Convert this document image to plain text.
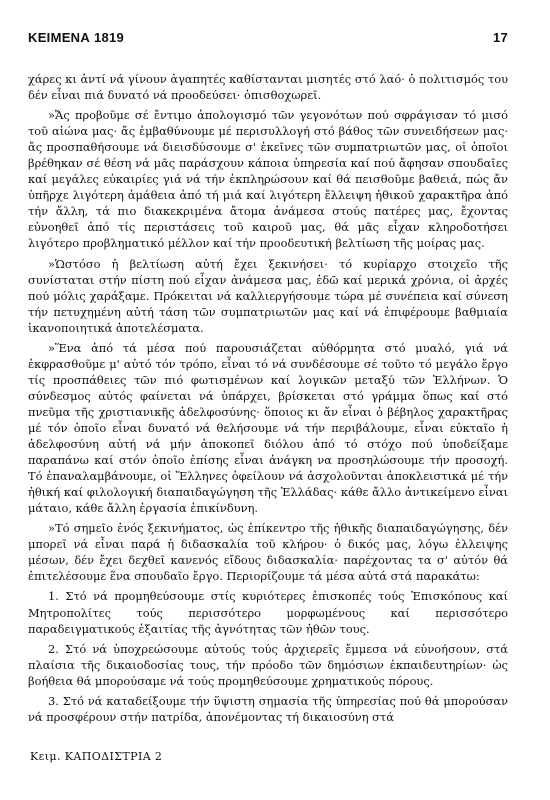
ΚΕΙΜΕΝΑ 1819	17

χάρες κι ἀντί νά γίνουν ἀγαπητές καθίστανται μισητές στό λαό· ὁ πολιτισμός του δέν εἶναι πιά δυνατό νά προοδεύσει· ὀπισθοχωρεῖ.

»Ἄς προβοῦμε σέ ἔντιμο ἀπολογισμό τῶν γεγονότων πού σφράγισαν τό μισό τοῦ αἰώνα μας· ἄς ἐμβαθύνουμε μέ περισυλλογή στό βάθος τῶν συνειδήσεων μας· ἄς προσπαθήσουμε νά διεισδύσουμε σ' ἐκεῖνες τῶν συμπατριωτῶν μας, οἱ ὁποῖοι βρέθηκαν σέ θέση νά μᾶς παράσχουν κάποια ὑπηρεσία καί πού ἄφησαν σπουδαῖες καί μεγάλες εὐκαιρίες γιά νά τήν ἐκπληρώσουν καί θά πεισθοῦμε βαθειά, πώς ἄν ὑπῆρχε λιγότερη ἀμάθεια ἀπό τή μιά καί λιγότερη ἔλλειψη ἠθικοῦ χαρακτῆρα ἀπό τήν ἄλλη, τά πιο διακεκριμένα ἄτομα ἀνάμεσα στούς πατέρες μας, ἔχοντας εὐνοηθεῖ ἀπό τίς περιστάσεις τοῦ καιροῦ μας, θά μᾶς εἶχαν κληροδοτήσει λιγότερο προβληματικό μέλλον καί τήν προοδευτική βελτίωση τῆς μοίρας μας.

»Ὡστόσο ἡ βελτίωση αὐτή ἔχει ξεκινήσει· τό κυρίαρχο στοιχεῖο τῆς συνίσταται στήν πίστη πού εἶχαν ἀνάμεσα μας, ἐδῶ καί μερικά χρόνια, οἱ ἀρχές πού μόλις χαράξαμε. Πρόκειται νά καλλιεργήσουμε τώρα μέ συνέπεια καί σύνεση τήν πετυχημένη αὐτή τάση τῶν συμπατριωτῶν μας καί νά ἐπιφέρουμε βαθμιαία ἱκανοποιητικά ἀποτελέσματα.

»Ἕνα ἀπό τά μέσα πού παρουσιάζεται αὐθόρμητα στό μυαλό, γιά νά ἐκφρασθοῦμε μ' αὐτό τόν τρόπο, εἶναι τό νά συνδέσουμε σέ τοῦτο τό μεγάλο ἔργο τίς προσπάθειες τῶν πιό φωτισμένων καί λογικῶν μεταξύ τῶν Ἑλλήνων. Ὁ σύνδεσμος αὐτός φαίνεται νά ὑπάρχει, βρίσκεται στό γράμμα ὅπως καί στό πνεῦμα τῆς χριστιανικῆς ἀδελφοσύνης· ὅποιος κι ἄν εἶναι ὁ βέβηλος χαρακτῆρας μέ τόν ὁποῖο εἶναι δυνατό νά θελήσουμε νά τήν περιβάλουμε, εἶναι εὐκταῖο ἡ ἀδελφοσύνη αὐτή νά μήν ἀποκοπεῖ διόλου ἀπό τό στόχο πού ὑποδείξαμε παραπάνω καί στόν ὁποῖο ἐπίσης εἶναι ἀνάγκη να προσηλώσουμε τήν προσοχή. Τό ἐπαναλαμβάνουμε, οἱ Ἕλληνες ὀφείλουν νά ἀσχολοῦνται ἀποκλειστικά μέ τήν ἠθική καί φιλολογική διαπαιδαγώγηση τῆς Ἑλλάδας· κάθε ἄλλο ἀντικείμενο εἶναι μάταιο, κάθε ἄλλη ἐργασία ἐπικίνδυνη.

»Τό σημεῖο ἑνός ξεκινήματος, ὡς ἐπίκεντρο τῆς ἠθικῆς διαπαιδαγώγησης, δέν μπορεῖ νά εἶναι παρά ἡ διδασκαλία τοῦ κλήρου· ὁ δικός μας, λόγω ἐλλειψης μέσων, δέν ἔχει δεχθεῖ κανενός εἴδους διδασκαλία· παρέχοντας τα σ' αὐτόν θά ἐπιτελέσουμε ἕνα σπουδαῖο ἔργο. Περιορίζουμε τά μέσα αὐτά στά παρακάτω:

1. Στό νά προμηθεύσουμε στίς κυριότερες ἐπισκοπές τούς Ἐπισκόπους καί Μητροπολίτες τούς περισσότερο μορφωμένους καί περισσότερο παραδειγματικούς ἐξαιτίας τῆς ἀγνότητας τῶν ἠθῶν τους.

2. Στό νά ὑποχρεώσουμε αὐτούς τούς ἀρχιερεῖς ἔμμεσα νά εὐνοήσουν, στά πλαίσια τῆς δικαιοδοσίας τους, τήν πρόοδο τῶν δημόσιων ἐκπαιδευτηρίων· ὡς βοήθεια θά μπορούσαμε νά τούς προμηθεύσουμε χρηματικούς πόρους.

3. Στό νά καταδείξουμε τήν ὕψιστη σημασία τῆς ὑπηρεσίας πού θά μπορούσαν νά προσφέρουν στήν πατρίδα, ἀπονέμοντας τή δικαιοσύνη στά

Κειμ. ΚΑΠΟΔΙΣΤΡΙΑ 2
